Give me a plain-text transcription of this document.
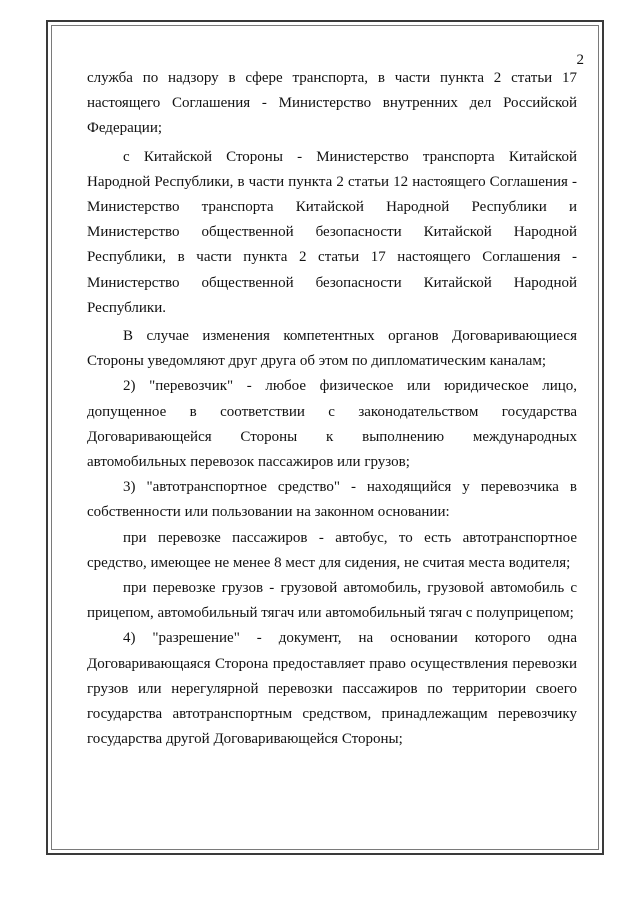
2

служба по надзору в сфере транспорта, в части пункта 2 статьи 17 настоящего Соглашения - Министерство внутренних дел Российской Федерации;

с Китайской Стороны - Министерство транспорта Китайской Народной Республики, в части пункта 2 статьи 12 настоящего Соглашения - Министерство транспорта Китайской Народной Республики и Министерство общественной безопасности Китайской Народной Республики, в части пункта 2 статьи 17 настоящего Соглашения - Министерство общественной безопасности Китайской Народной Республики.

В случае изменения компетентных органов Договаривающиеся Стороны уведомляют друг друга об этом по дипломатическим каналам;

2) "перевозчик" - любое физическое или юридическое лицо, допущенное в соответствии с законодательством государства Договаривающейся Стороны к выполнению международных автомобильных перевозок пассажиров или грузов;

3) "автотранспортное средство" - находящийся у перевозчика в собственности или пользовании на законном основании:

при перевозке пассажиров - автобус, то есть автотранспортное средство, имеющее не менее 8 мест для сидения, не считая места водителя;

при перевозке грузов - грузовой автомобиль, грузовой автомобиль с прицепом, автомобильный тягач или автомобильный тягач с полуприцепом;

4) "разрешение" - документ, на основании которого одна Договаривающаяся Сторона предоставляет право осуществления перевозки грузов или нерегулярной перевозки пассажиров по территории своего государства автотранспортным средством, принадлежащим перевозчику государства другой Договаривающейся Стороны;
